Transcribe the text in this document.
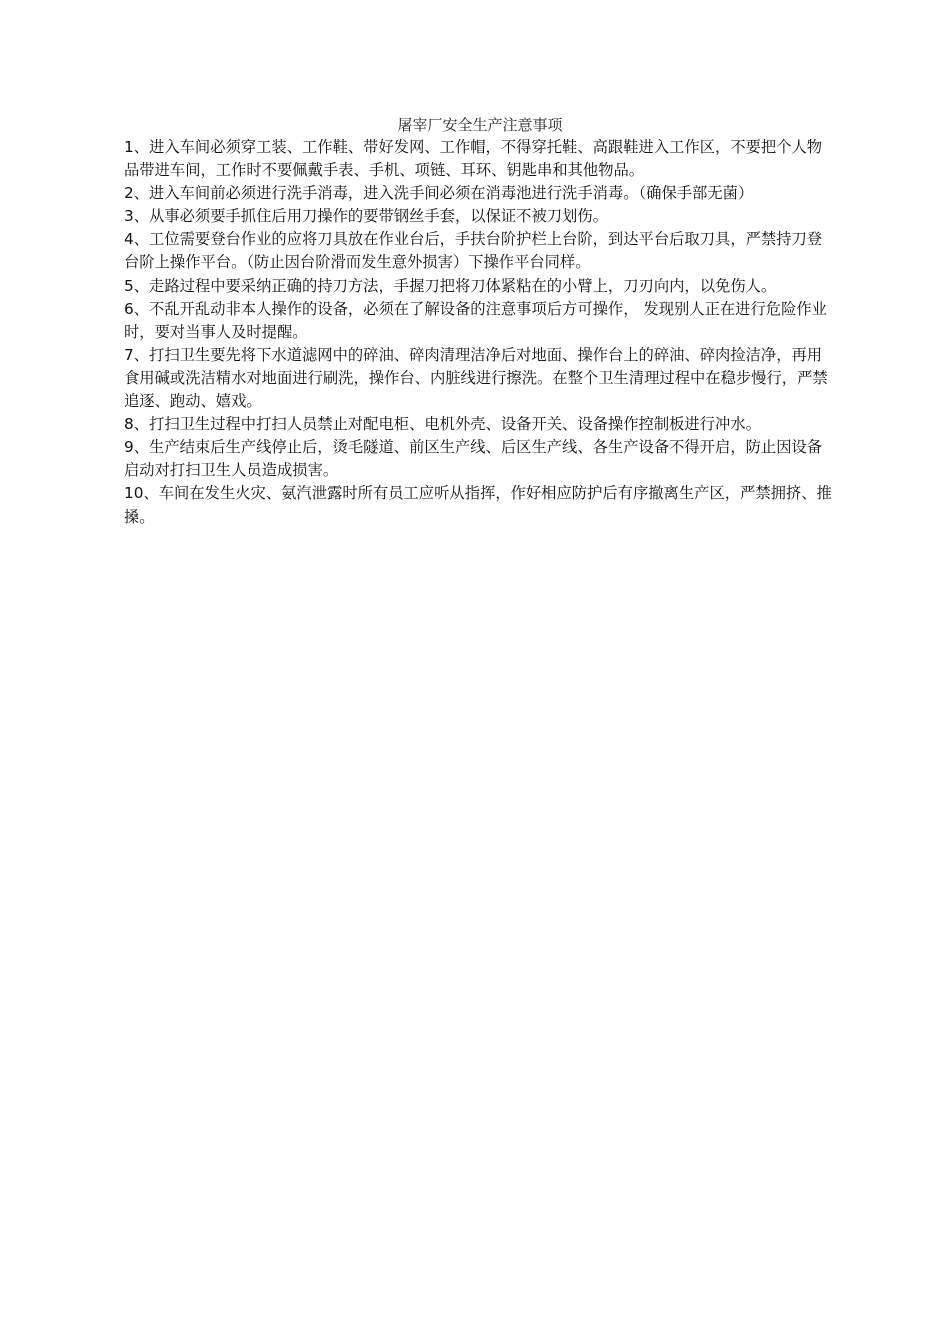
屠宰厂安全生产注意事项

1、进入车间必须穿工装、工作鞋、带好发网、工作帽，不得穿托鞋、高跟鞋进入工作区，不要把个人物品带进车间，工作时不要佩戴手表、手机、项链、耳环、钥匙串和其他物品。

2、进入车间前必须进行洗手消毒，进入洗手间必须在消毒池进行洗手消毒。（确保手部无菌）

3、从事必须要手抓住后用刀操作的要带钢丝手套，以保证不被刀划伤。

4、工位需要登台作业的应将刀具放在作业台后，手扶台阶护栏上台阶，到达平台后取刀具，严禁持刀登台阶上操作平台。（防止因台阶滑而发生意外损害）下操作平台同样。

5、走路过程中要采纳正确的持刀方法，手握刀把将刀体紧粘在的小臂上，刀刃向内，以免伤人。

6、不乱开乱动非本人操作的设备，必须在了解设备的注意事项后方可操作， 发现别人正在进行危险作业时，要对当事人及时提醒。

7、打扫卫生要先将下水道滤网中的碎油、碎肉清理洁净后对地面、操作台上的碎油、碎肉捡洁净，再用食用碱或洗洁精水对地面进行刷洗，操作台、内脏线进行擦洗。在整个卫生清理过程中在稳步慢行，严禁追逐、跑动、嬉戏。

8、打扫卫生过程中打扫人员禁止对配电柜、电机外壳、设备开关、设备操作控制板进行冲水。

9、生产结束后生产线停止后，烫毛隧道、前区生产线、后区生产线、各生产设备不得开启，防止因设备启动对打扫卫生人员造成损害。

10、车间在发生火灾、氨汽泄露时所有员工应听从指挥，作好相应防护后有序撤离生产区，严禁拥挤、推搡。
